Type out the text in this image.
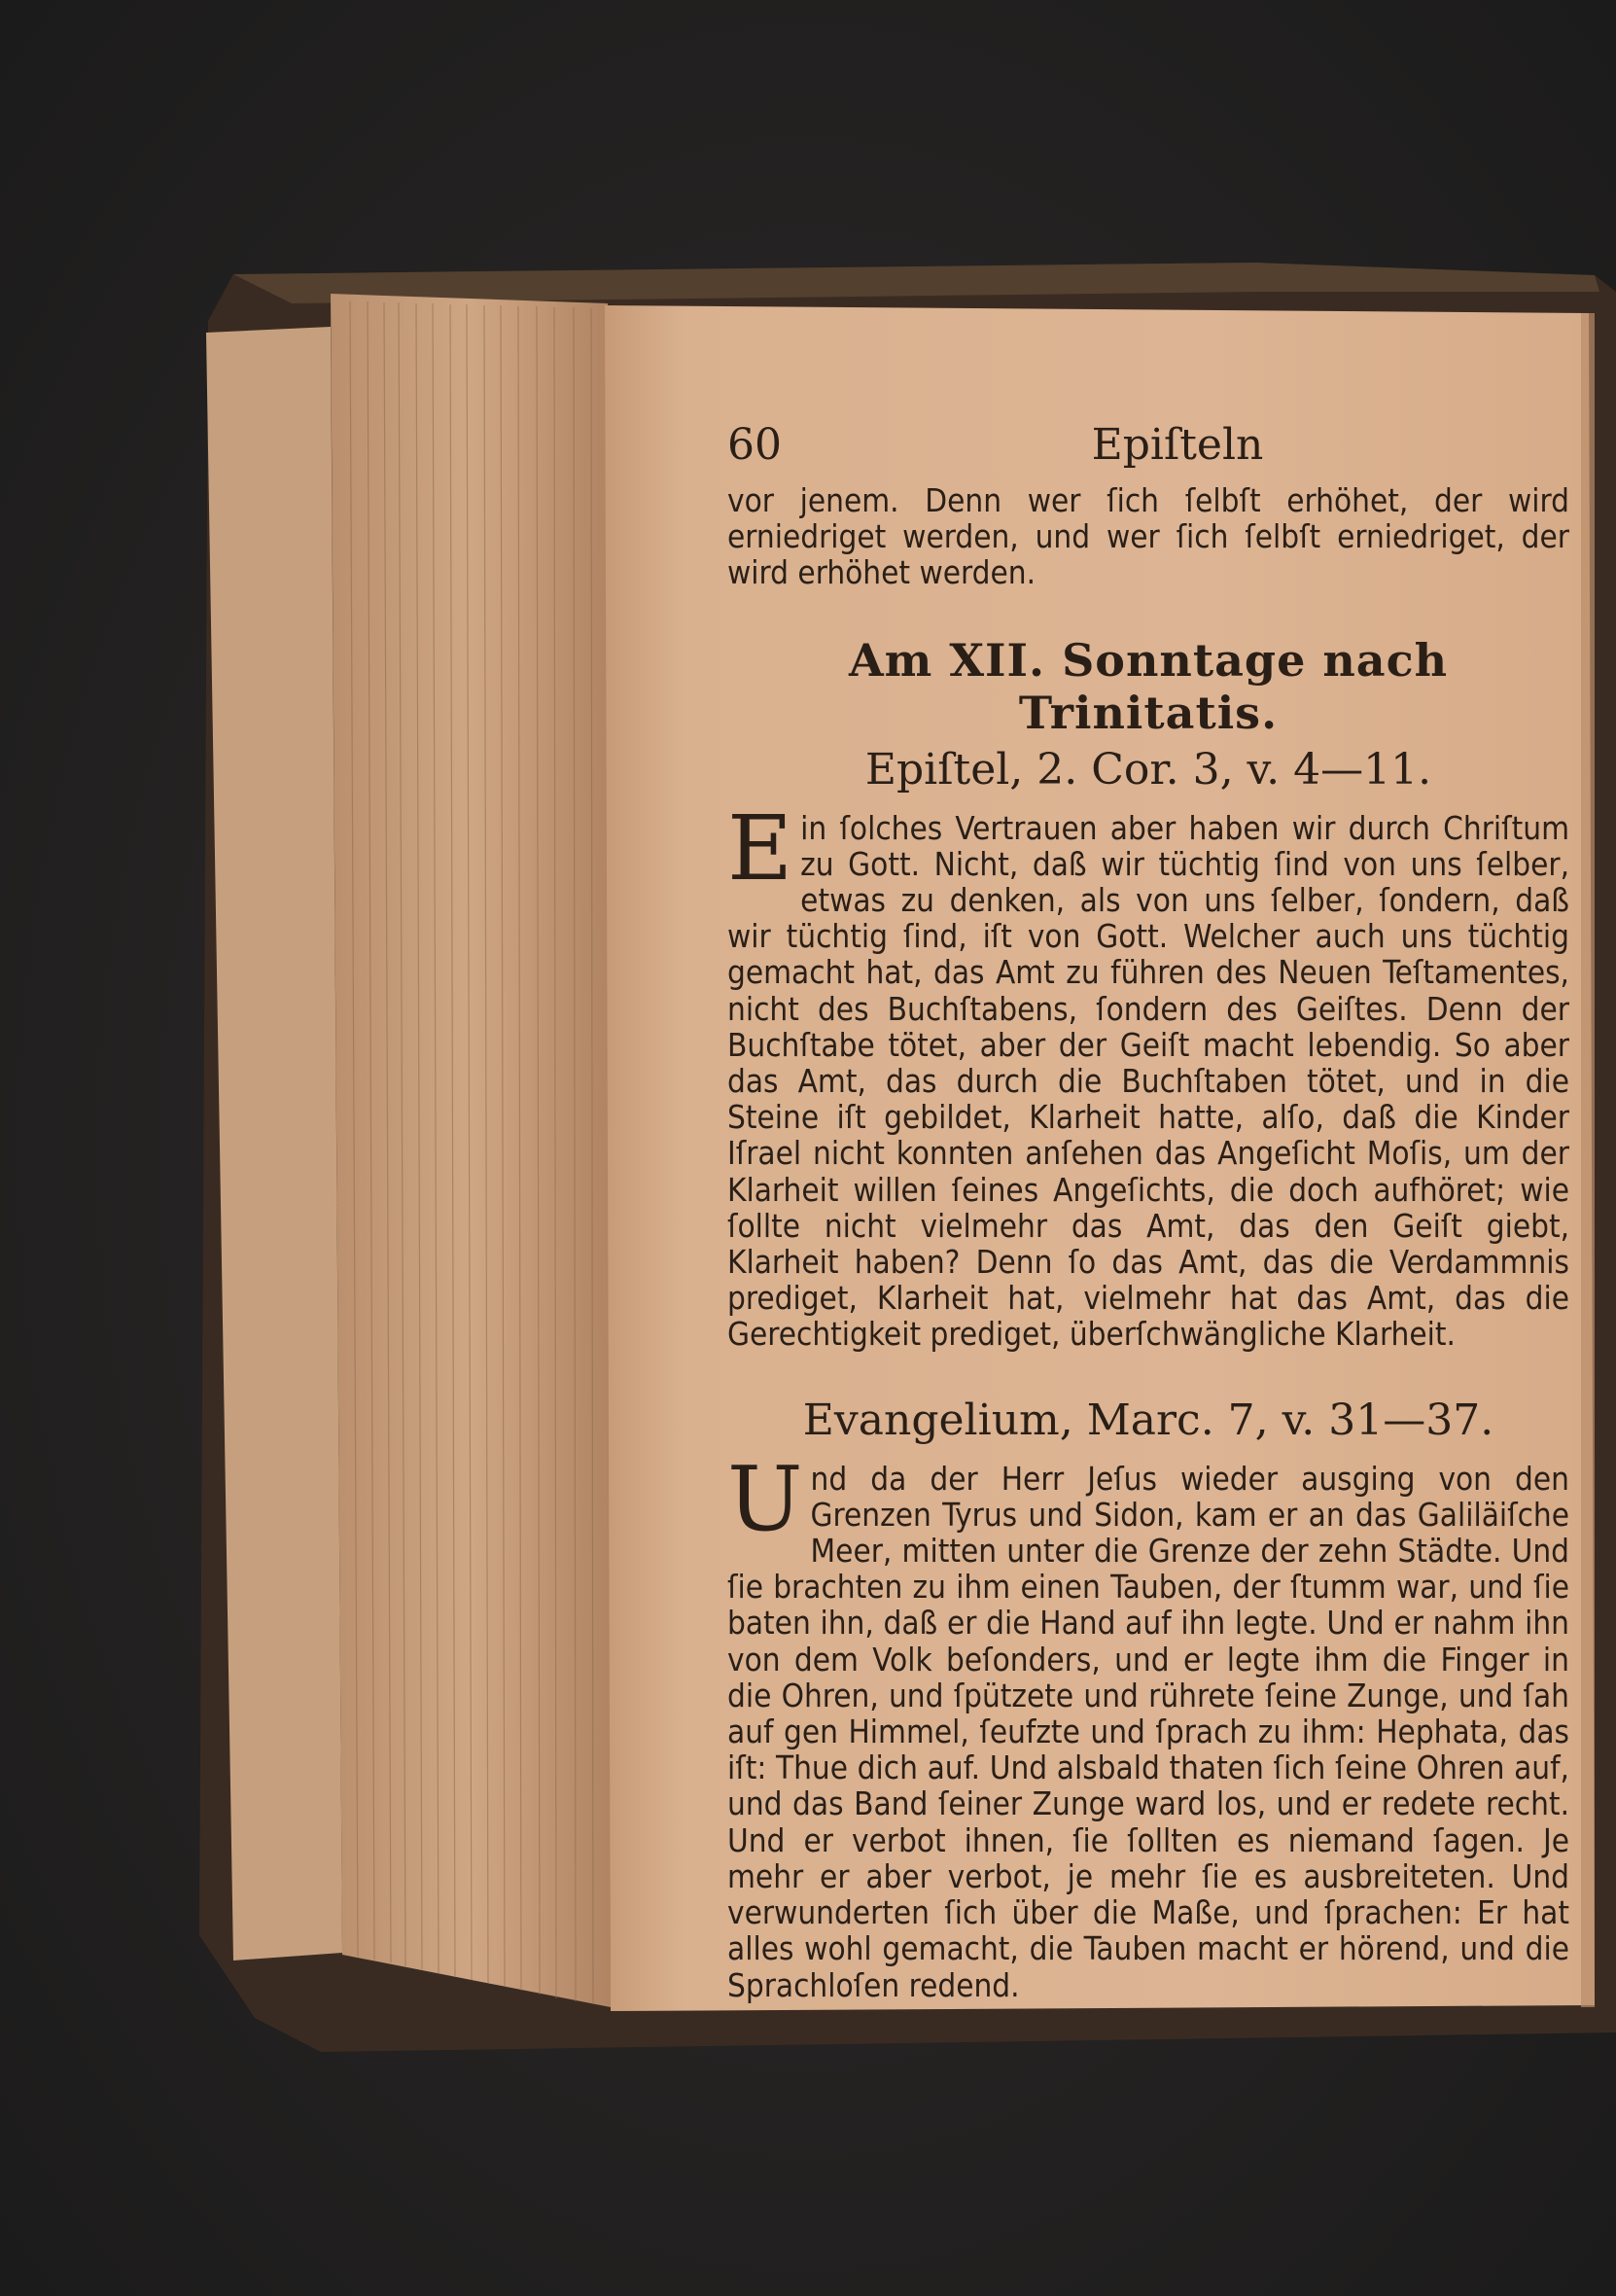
60	Epiſteln

vor jenem. Denn wer ſich ſelbſt erhöhet, der wird erniedriget werden, und wer ſich ſelbſt erniedriget, der wird erhöhet werden.

Am XII. Sonntage nach Trinitatis.
Epiſtel, 2. Cor. 3, v. 4—11.

Ein ſolches Vertrauen aber haben wir durch Chriſtum zu Gott. Nicht, daß wir tüchtig ſind von uns ſelber, etwas zu denken, als von uns ſelber, ſondern, daß wir tüchtig ſind, iſt von Gott. Welcher auch uns tüchtig gemacht hat, das Amt zu führen des Neuen Teſtamentes, nicht des Buchſtabens, ſondern des Geiſtes. Denn der Buchſtabe tötet, aber der Geiſt macht lebendig. So aber das Amt, das durch die Buchſtaben tötet, und in die Steine iſt gebildet, Klarheit hatte, alſo, daß die Kinder Iſrael nicht konnten anſehen das Angeſicht Moſis, um der Klarheit willen ſeines Angeſichts, die doch aufhöret; wie ſollte nicht vielmehr das Amt, das den Geiſt giebt, Klarheit haben? Denn ſo das Amt, das die Verdammnis prediget, Klarheit hat, vielmehr hat das Amt, das die Gerechtigkeit prediget, überſchwängliche Klarheit.

Evangelium, Marc. 7, v. 31—37.

Und da der Herr Jeſus wieder ausging von den Grenzen Tyrus und Sidon, kam er an das Galiläiſche Meer, mitten unter die Grenze der zehn Städte. Und ſie brachten zu ihm einen Tauben, der ſtumm war, und ſie baten ihn, daß er die Hand auf ihn legte. Und er nahm ihn von dem Volk beſonders, und er legte ihm die Finger in die Ohren, und ſpützete und rührete ſeine Zunge, und ſah auf gen Himmel, ſeufzte und ſprach zu ihm: Hephata, das iſt: Thue dich auf. Und alsbald thaten ſich ſeine Ohren auf, und das Band ſeiner Zunge ward los, und er redete recht. Und er verbot ihnen, ſie ſollten es niemand ſagen. Je mehr er aber verbot, je mehr ſie es ausbreiteten. Und verwunderten ſich über die Maße, und ſprachen: Er hat alles wohl gemacht, die Tauben macht er hörend, und die Sprachloſen redend.
